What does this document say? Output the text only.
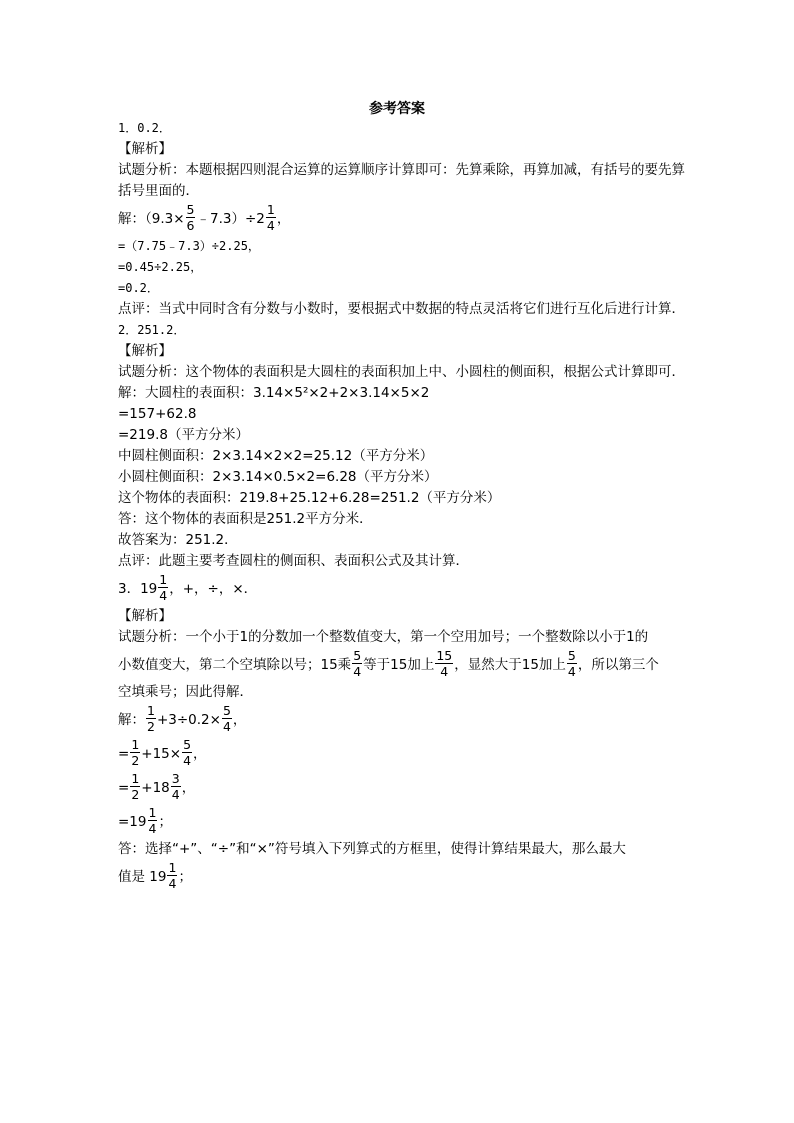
参考答案
1．0.2．
【解析】
试题分析：本题根据四则混合运算的运算顺序计算即可：先算乘除，再算加减，有括号的要先算括号里面的．
解：（$9.3\times \frac{5}{6}$ ﹣7.3）÷2 $\frac{1}{4}$ ，
=（7.75﹣7.3）÷2.25，
=0.45÷2.25，
=0.2．
点评：当式中同时含有分数与小数时，要根据式中数据的特点灵活将它们进行互化后进行计算．
2．251.2．
【解析】
试题分析：这个物体的表面积是大圆柱的表面积加上中、小圆柱的侧面积，根据公式计算即可．
解：大圆柱的表面积：3.14×5²×2+2×3.14×5×2
=157+62.8
=219.8（平方分米）
中圆柱侧面积：2×3.14×2×2=25.12（平方分米）
小圆柱侧面积：2×3.14×0.5×2=6.28（平方分米）
这个物体的表面积：219.8+25.12+6.28=251.2（平方分米）
答：这个物体的表面积是251.2平方分米．
故答案为：251.2．
点评：此题主要考查圆柱的侧面积、表面积公式及其计算．
3．$19 \frac{1}{4}$ ，+，÷，×．
【解析】
试题分析：一个小于1的分数加一个整数值变大，第一个空用加号；一个整数除以小于1的
小数值变大，第二个空填除以号；15乘 $\frac{5}{4}$ 等于15加上 $\frac{15}{4}$ ，显然大于15加上 $\frac{5}{4}$ ，所以第三个
空填乘号；因此得解．
解： $\frac{1}{2} +3\div 0.2\times \frac{5}{4}$ ，
= $\frac{1}{2} +15\times \frac{5}{4}$ ，
= $\frac{1}{2} +18 \frac{3}{4}$ ，
$=19 \frac{1}{4}$ ；
答：选择“+”、“÷”和“×”符号填入下列算式的方框里，使得计算结果最大，那么最大
值是 $19 \frac{1}{4}$ ；
